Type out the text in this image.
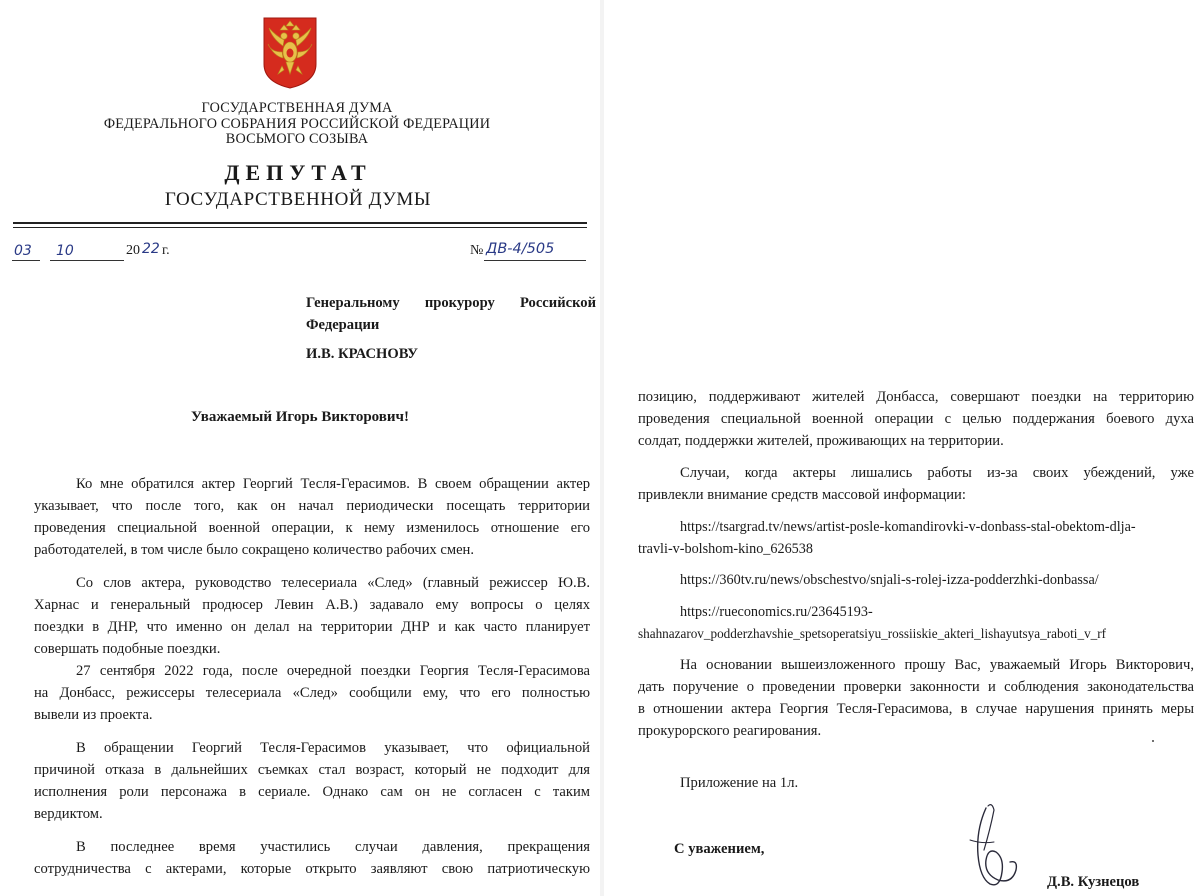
ГОСУДАРСТВЕННАЯ ДУМА
ФЕДЕРАЛЬНОГО СОБРАНИЯ РОССИЙСКОЙ ФЕДЕРАЦИИ
ВОСЬМОГО СОЗЫВА
ДЕПУТАТ
ГОСУДАРСТВЕННОЙ ДУМЫ
03 10	20 22 г.	№ ДВ-4/505
Генеральному прокурору Российской
Федерации
И.В. КРАСНОВУ
Уважаемый Игорь Викторович!
Ко мне обратился актер Георгий Тесля-Герасимов. В своем обращении актер
указывает, что после того, как он начал периодически посещать территории
проведения специальной военной операции, к нему изменилось отношение его
работодателей, в том числе было сокращено количество рабочих смен.
Со слов актера, руководство телесериала «След» (главный режиссер Ю.В.
Харнас и генеральный продюсер Левин А.В.) задавало ему вопросы о целях
поездки в ДНР, что именно он делал на территории ДНР и как часто планирует
совершать подобные поездки.
27 сентября 2022 года, после очередной поездки Георгия Тесля-Герасимова
на Донбасс, режиссеры телесериала «След» сообщили ему, что его полностью
вывели из проекта.
В обращении Георгий Тесля-Герасимов указывает, что официальной
причиной отказа в дальнейших съемках стал возраст, который не подходит для
исполнения роли персонажа в сериале. Однако сам он не согласен с таким
вердиктом.
В последнее время участились случаи давления, прекращения
сотрудничества с актерами, которые открыто заявляют свою патриотическую
позицию, поддерживают жителей Донбасса, совершают поездки на территорию
проведения специальной военной операции с целью поддержания боевого духа
солдат, поддержки жителей, проживающих на территории.
Случаи, когда актеры лишались работы из-за своих убеждений, уже
привлекли внимание средств массовой информации:
https://tsargrad.tv/news/artist-posle-komandirovki-v-donbass-stal-obektom-dlja-
travli-v-bolshom-kino_626538
https://360tv.ru/news/obschestvo/snjali-s-rolej-izza-podderzhki-donbassa/
https://rueconomics.ru/23645193-
shahnazarov_podderzhavshie_spetsoperatsiyu_rossiiskie_akteri_lishayutsya_raboti_v_rf
На основании вышеизложенного прошу Вас, уважаемый Игорь Викторович,
дать поручение о проведении проверки законности и соблюдения законодательства
в отношении актера Георгия Тесля-Герасимова, в случае нарушения принять меры
прокурорского реагирования.
Приложение на 1л.
С уважением,
Д.В. Кузнецов
